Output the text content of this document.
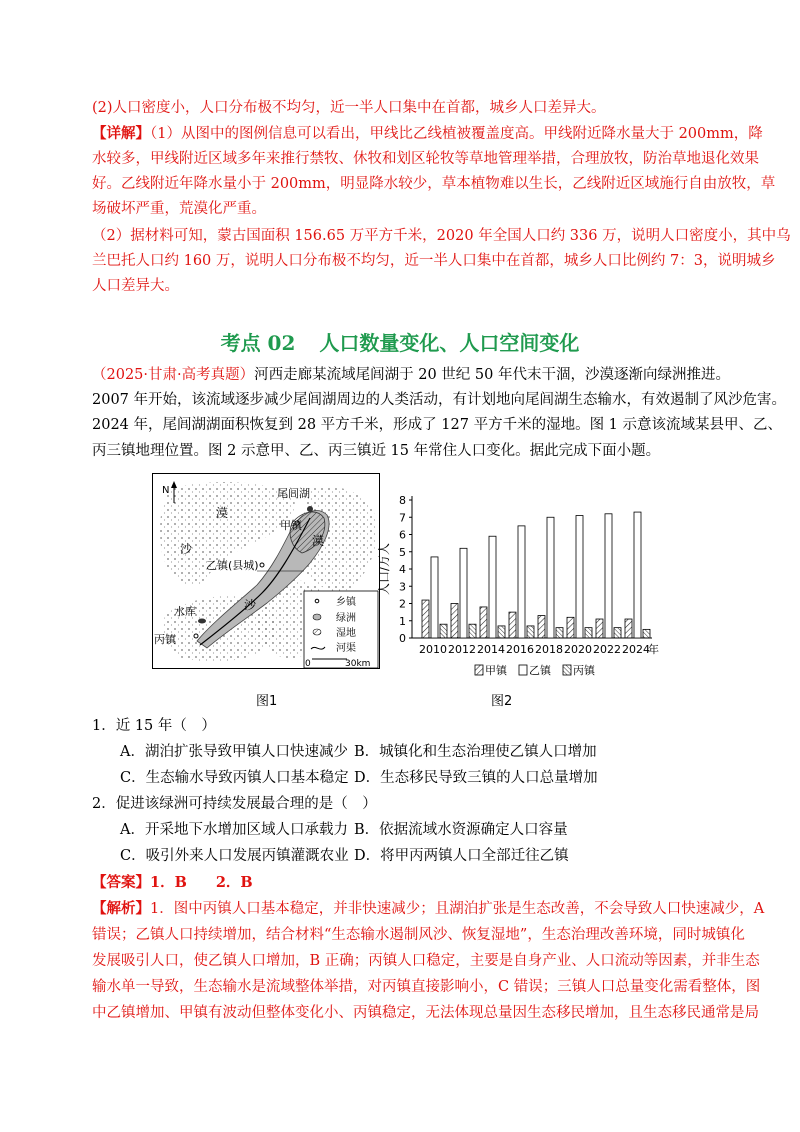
(2)人口密度小，人口分布极不均匀，近一半人口集中在首都，城乡人口差异大。
【详解】（1）从图中的图例信息可以看出，甲线比乙线植被覆盖度高。甲线附近降水量大于 200mm，降
水较多，甲线附近区域多年来推行禁牧、休牧和划区轮牧等草地管理举措，合理放牧，防治草地退化效果
好。乙线附近年降水量小于 200mm，明显降水较少，草本植物难以生长，乙线附近区域施行自由放牧，草
场破坏严重，荒漠化严重。
（2）据材料可知，蒙古国面积 156.65 万平方千米，2020 年全国人口约 336 万，说明人口密度小，其中乌
兰巴托人口约 160 万，说明人口分布极不均匀，近一半人口集中在首都，城乡人口比例约 7：3，说明城乡
人口差异大。
考点 02 人口数量变化、人口空间变化
（2025·甘肃·高考真题）河西走廊某流域尾闾湖于 20 世纪 50 年代末干涸，沙漠逐渐向绿洲推进。
2007 年开始，该流域逐步减少尾闾湖周边的人类活动，有计划地向尾闾湖生态输水，有效遏制了风沙危害。
2024 年，尾闾湖湖面积恢复到 28 平方千米，形成了 127 平方千米的湿地。图 1 示意该流域某县甲、乙、
丙三镇地理位置。图 2 示意甲、乙、丙三镇近 15 年常住人口变化。据此完成下面小题。
N	尾闾湖
甲镇
乙镇(县城)
漠
沙
漠
沙
水库
丙镇
乡镇
绿洲
湿地
河渠
0	30km
图1
0
1
2
3
4
5
6
7
8
人口/万人
2010 2012 2014 2016 2018 2020 2022 2024
年
甲镇 乙镇 丙镇
图2
1．近 15 年（　）
A．湖泊扩张导致甲镇人口快速减少 B．城镇化和生态治理使乙镇人口增加
C．生态输水导致丙镇人口基本稳定 D．生态移民导致三镇的人口总量增加
2．促进该绿洲可持续发展最合理的是（　）
A．开采地下水增加区域人口承载力 B．依据流域水资源确定人口容量
C．吸引外来人口发展丙镇灌溉农业 D．将甲丙两镇人口全部迁往乙镇
【答案】1．B　　2．B
【解析】1．图中丙镇人口基本稳定，并非快速减少；且湖泊扩张是生态改善，不会导致人口快速减少，A
错误；乙镇人口持续增加，结合材料“生态输水遏制风沙、恢复湿地”，生态治理改善环境，同时城镇化
发展吸引人口，使乙镇人口增加，B 正确；丙镇人口稳定，主要是自身产业、人口流动等因素，并非生态
输水单一导致，生态输水是流域整体举措，对丙镇直接影响小，C 错误；三镇人口总量变化需看整体，图
中乙镇增加、甲镇有波动但整体变化小、丙镇稳定，无法体现总量因生态移民增加，且生态移民通常是局
